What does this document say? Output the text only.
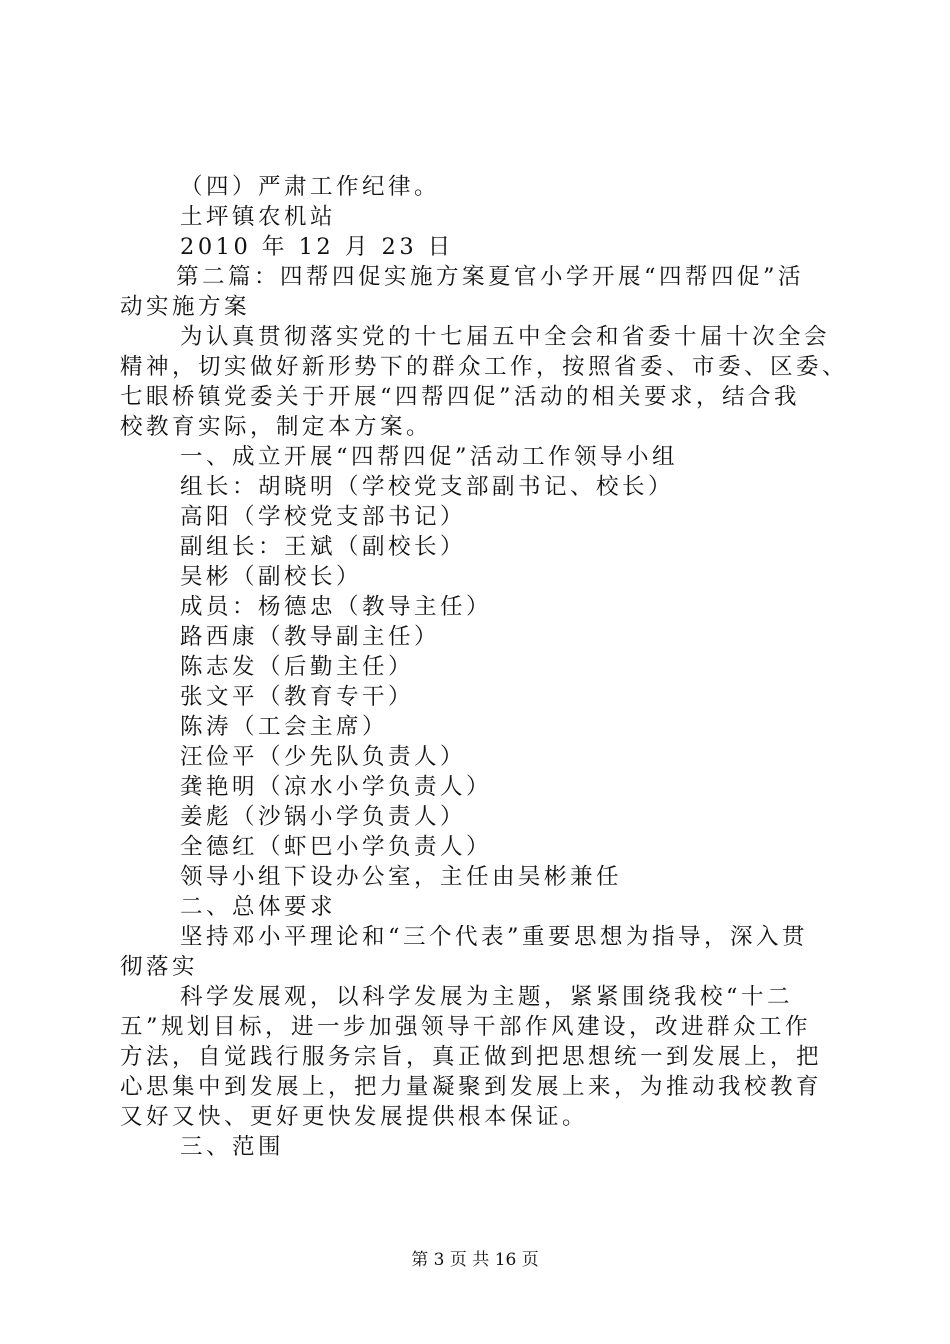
（四）严肃工作纪律。
土坪镇农机站
2010 年 12 月 23 日
第二篇：四帮四促实施方案夏官小学开展“四帮四促”活
动实施方案
为认真贯彻落实党的十七届五中全会和省委十届十次全会
精神，切实做好新形势下的群众工作，按照省委、市委、区委、
七眼桥镇党委关于开展“四帮四促”活动的相关要求，结合我
校教育实际，制定本方案。
一、成立开展“四帮四促”活动工作领导小组
组长：胡晓明（学校党支部副书记、校长）
高阳（学校党支部书记）
副组长：王斌（副校长）
吴彬（副校长）
成员：杨德忠（教导主任）
路西康（教导副主任）
陈志发（后勤主任）
张文平（教育专干）
陈涛（工会主席）
汪俭平（少先队负责人）
龚艳明（凉水小学负责人）
姜彪（沙锅小学负责人）
全德红（虾巴小学负责人）
领导小组下设办公室，主任由吴彬兼任
二、总体要求
坚持邓小平理论和“三个代表”重要思想为指导，深入贯
彻落实
科学发展观，以科学发展为主题，紧紧围绕我校“十二
五”规划目标，进一步加强领导干部作风建设，改进群众工作
方法，自觉践行服务宗旨，真正做到把思想统一到发展上，把
心思集中到发展上，把力量凝聚到发展上来，为推动我校教育
又好又快、更好更快发展提供根本保证。
三、范围
第 3 页 共 16 页
